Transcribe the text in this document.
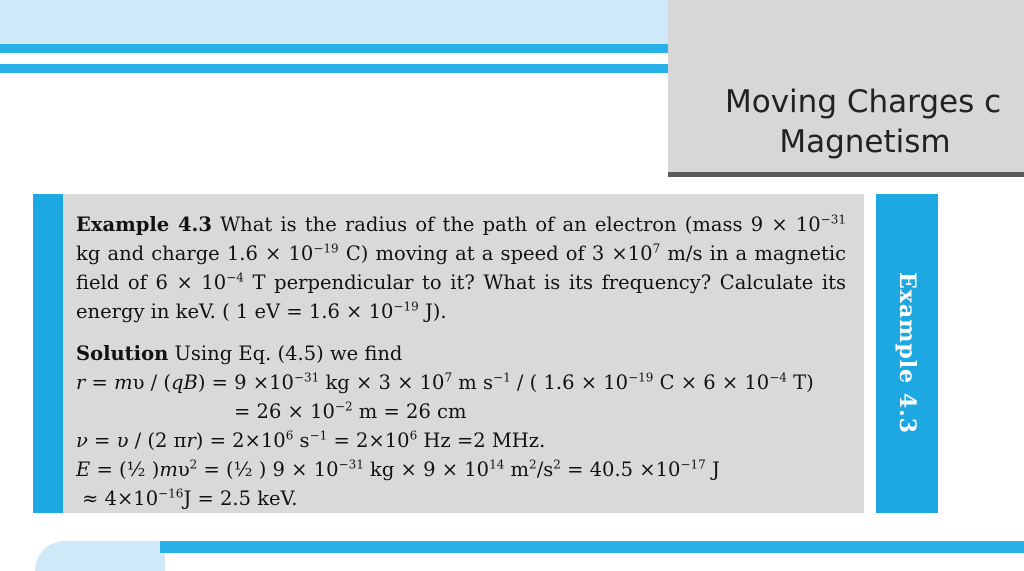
Moving Charges c
Magnetism

Example 4.3 What is the radius of the path of an electron (mass $9 \times 10^{-31}$ kg and charge $1.6 \times 10^{-19}$ C) moving at a speed of $3 \times 10^7$ m/s in a magnetic field of $6 \times 10^{-4}$ T perpendicular to it? What is its frequency? Calculate its energy in keV. ( 1 eV = $1.6 \times 10^{-19}$ J).

Solution Using Eq. (4.5) we find

$r = m\upsilon / (qB) = 9 \times 10^{-31}$ kg × $3 \times 10^7$ m $s^{-1}$ / ( $1.6 \times 10^{-19}$ $C \times 6 \times 10^{-4}$ T)

= $26 \times 10^{-2}$ m = 26 cm

ν = υ / (2 $\pi r) = 2\times 10^6$ $s^{-1} = 2\times 10^6$ Hz =2 MHz.

E = (½ )$m\upsilon^2$ = (½ ) $9 \times 10^{-31}$ kg × $9 \times 10^{14}$ $m^2/s^2 = 40.5 \times 10^{-17}$ J

≈ $4\times 10^{-16}J = 2.5$ keV.

Example 4.3
